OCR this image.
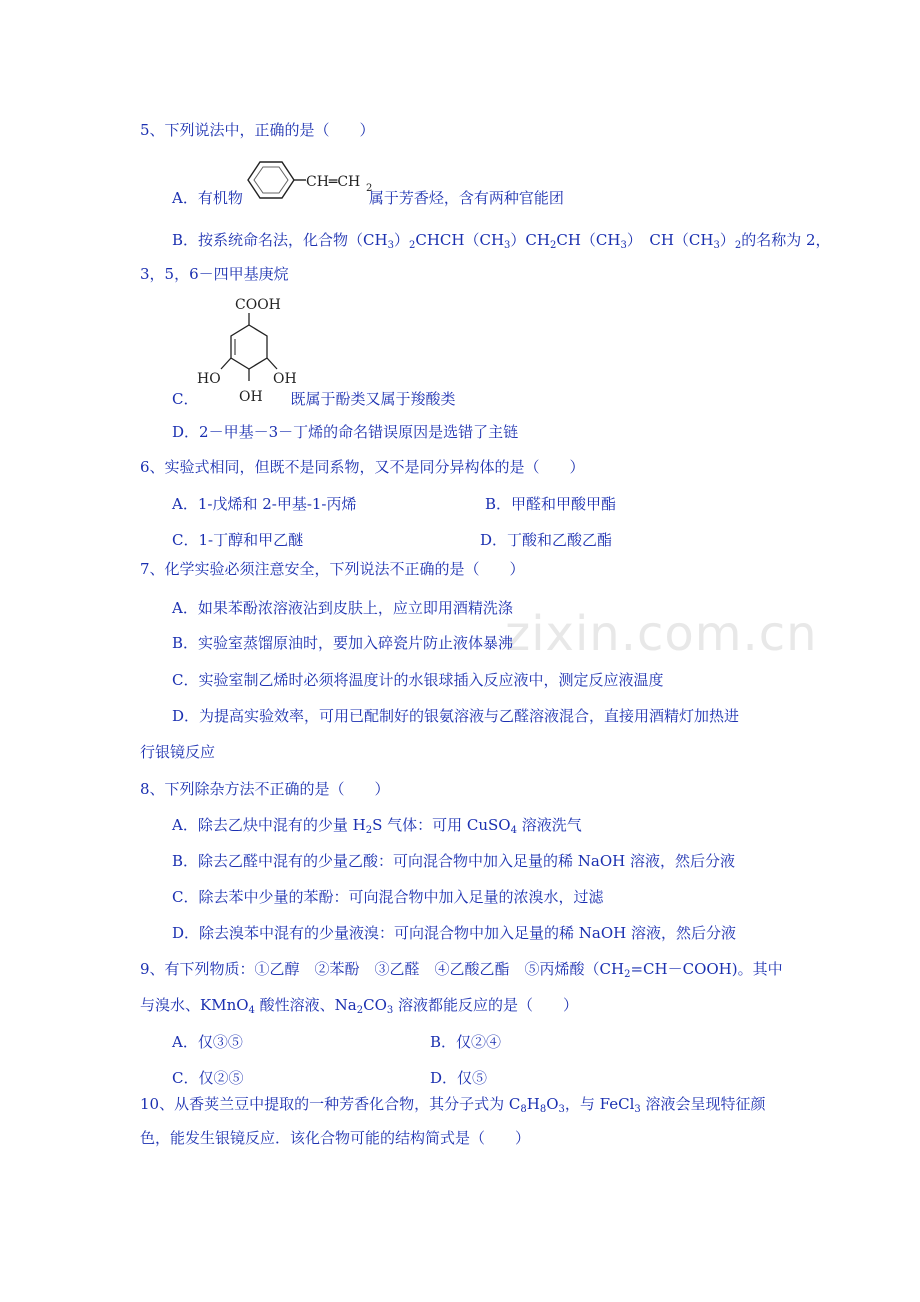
zixin.com.cn
5、下列说法中，正确的是（　　）
CH═CH 2
A．有机物	属于芳香烃，含有两种官能团
B．按系统命名法，化合物$(CH_3)_2CHCH(CH_3)CH_2CH(CH_3)$　$CH(CH_3)_2$的名称为 2，
3，5，6－四甲基庚烷
COOH
HO	OH
OH
C．	既属于酚类又属于羧酸类
D．2－甲基－3－丁烯的命名错误原因是选错了主链
6、实验式相同，但既不是同系物，又不是同分异构体的是（　　）
A．1-戊烯和 2-甲基-1-丙烯	B．甲醛和甲酸甲酯
C．1-丁醇和甲乙醚	D．丁酸和乙酸乙酯
7、化学实验必须注意安全，下列说法不正确的是（　　）
A．如果苯酚浓溶液沾到皮肤上，应立即用酒精洗涤
B．实验室蒸馏原油时，要加入碎瓷片防止液体暴沸
C．实验室制乙烯时必须将温度计的水银球插入反应液中，测定反应液温度
D．为提高实验效率，可用已配制好的银氨溶液与乙醛溶液混合，直接用酒精灯加热进
行银镜反应
8、下列除杂方法不正确的是（　　）
A．除去乙炔中混有的少量 $H_2S$ 气体：可用 CuSO$_4$ 溶液洗气
B．除去乙醛中混有的少量乙酸：可向混合物中加入足量的稀 NaOH 溶液，然后分液
C．除去苯中少量的苯酚：可向混合物中加入足量的浓溴水，过滤
D．除去溴苯中混有的少量液溴：可向混合物中加入足量的稀 NaOH 溶液，然后分液
9、有下列物质：①乙醇　②苯酚　③乙醛　④乙酸乙酯　⑤丙烯酸$(CH_2=CH-COOH)$。其中
与溴水、KMnO$_4$ 酸性溶液、$Na_2CO_3$ 溶液都能反应的是（　　）
A．仅③⑤	B．仅②④
C．仅②⑤	D．仅⑤
10、从香荚兰豆中提取的一种芳香化合物，其分子式为 $C_8H_8O_3$，与 FeCl$_3$ 溶液会呈现特征颜
色，能发生银镜反应．该化合物可能的结构简式是（　　）
